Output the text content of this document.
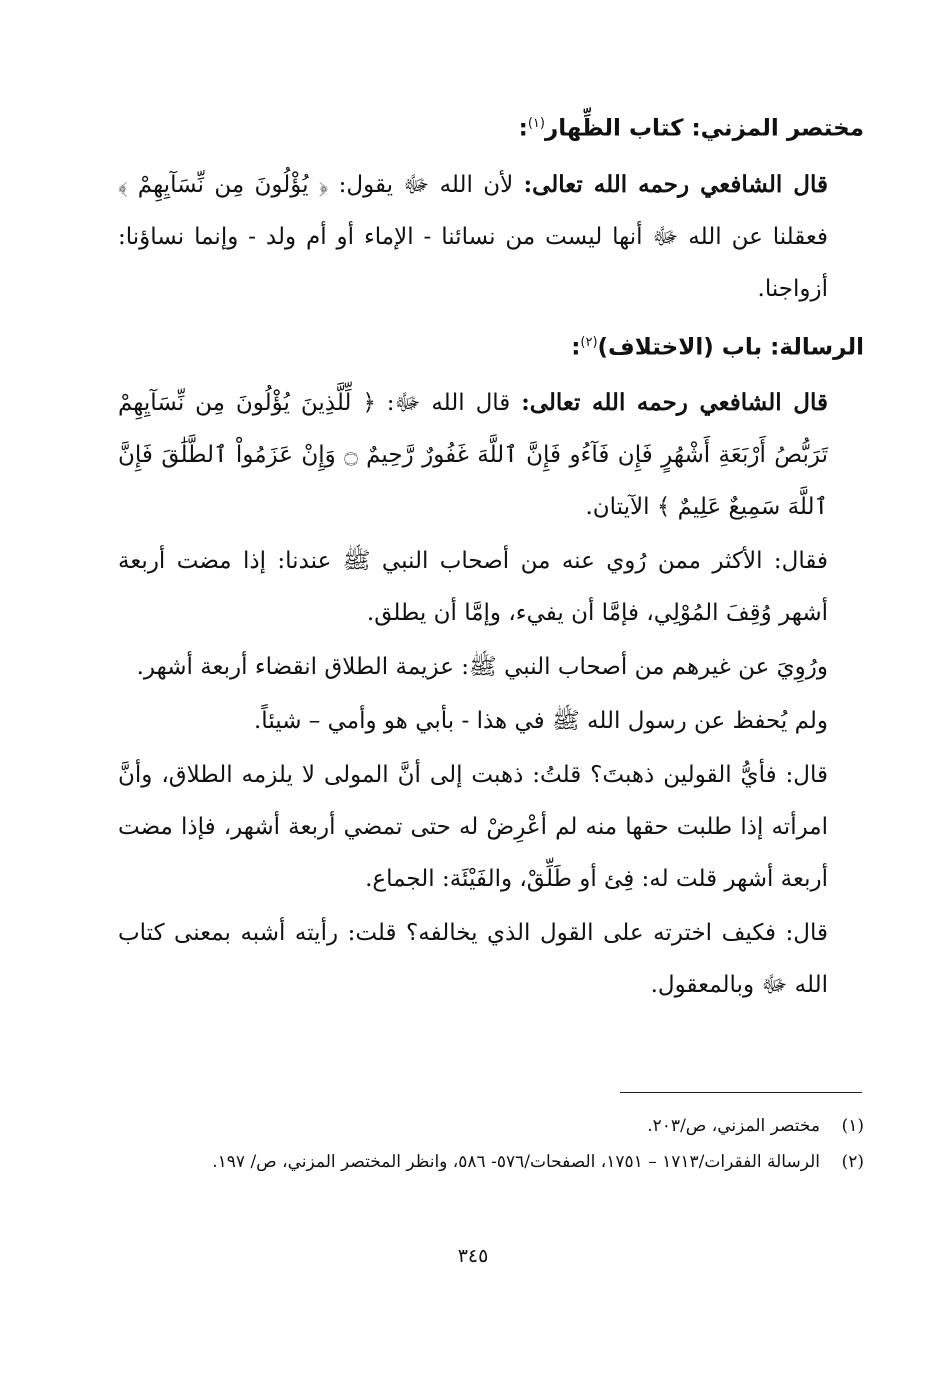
مختصر المزني: كتاب الظِّهار$^{(١)}$:

قال الشافعي رحمه الله تعالى: لأن الله ﷻ يقول: ﴿ يُؤْلُونَ مِن نِّسَآيِهِمْ ﴾ فعقلنا عن الله ﷻ أنها ليست من نسائنا - الإماء أو أم ولد - وإنما نساؤنا: أزواجنا.

الرسالة: باب (الاختلاف)$^{(٢)}$:

قال الشافعي رحمه الله تعالى: قال الله ﷻ: ﴿ لِّلَّذِينَ يُؤْلُونَ مِن نِّسَآيِهِمْ تَرَبُّصُ أَرْبَعَةِ أَشْهُرٍ فَإِن فَآءُو فَإِنَّ ٱللَّهَ غَفُورٌ رَّحِيمٌ ۝ وَإِنْ عَزَمُواْ ٱلطَّلَٰقَ فَإِنَّ ٱللَّهَ سَمِيعٌ عَلِيمٌ ﴾ الآيتان.

فقال: الأكثر ممن رُوي عنه من أصحاب النبي ﷺ عندنا: إذا مضت أربعة أشهر وُقِفَ المُوْلِي، فإمَّا أن يفيء، وإمَّا أن يطلق.

ورُوِيَ عن غيرهم من أصحاب النبي ﷺ: عزيمة الطلاق انقضاء أربعة أشهر.

ولم يُحفظ عن رسول الله ﷺ في هذا - بأبي هو وأمي – شيئاً.

قال: فأيُّ القولين ذهبتَ؟ قلتُ: ذهبت إلى أنَّ المولى لا يلزمه الطلاق، وأنَّ امرأته إذا طلبت حقها منه لم أعْرِضْ له حتى تمضي أربعة أشهر، فإذا مضت أربعة أشهر قلت له: فِئ أو طَلِّقْ، والفَيْئَة: الجماع.

قال: فكيف اخترته على القول الذي يخالفه؟ قلت: رأيته أشبه بمعنى كتاب الله ﷻ وبالمعقول.

(١)
مختصر المزني، ص/٢٠٣.
(٢)
الرسالة الفقرات/١٧١٣ – ١٧٥١، الصفحات/٥٧٦- ٥٨٦، وانظر المختصر المزني، ص/ ١٩٧.
٣٤٥
